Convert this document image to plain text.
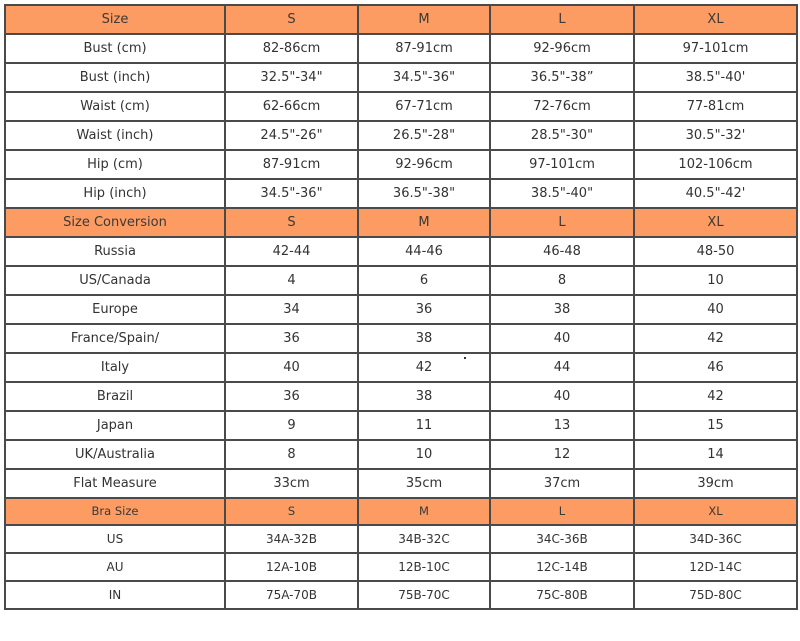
Size	S	M	L	XL
Bust (cm)	82-86cm	87-91cm	92-96cm	97-101cm
Bust (inch)	32.5"-34"	34.5"-36"	36.5"-38”	38.5"-40'
Waist (cm)	62-66cm	67-71cm	72-76cm	77-81cm
Waist (inch)	24.5"-26"	26.5"-28"	28.5"-30"	30.5"-32'
Hip (cm)	87-91cm	92-96cm	97-101cm	102-106cm
Hip (inch)	34.5"-36"	36.5"-38"	38.5"-40"	40.5"-42'
Size Conversion	S	M	L	XL
Russia	42-44	44-46	46-48	48-50
US/Canada	4	6	8	10
Europe	34	36	38	40
France/Spain/	36	38	40	42
Italy	40	42	44	46
Brazil	36	38	40	42
Japan	9	11	13	15
UK/Australia	8	10	12	14
Flat Measure	33cm	35cm	37cm	39cm
Bra Size	S	M	L	XL
US	34A-32B	34B-32C	34C-36B	34D-36C
AU	12A-10B	12B-10C	12C-14B	12D-14C
IN	75A-70B	75B-70C	75C-80B	75D-80C
